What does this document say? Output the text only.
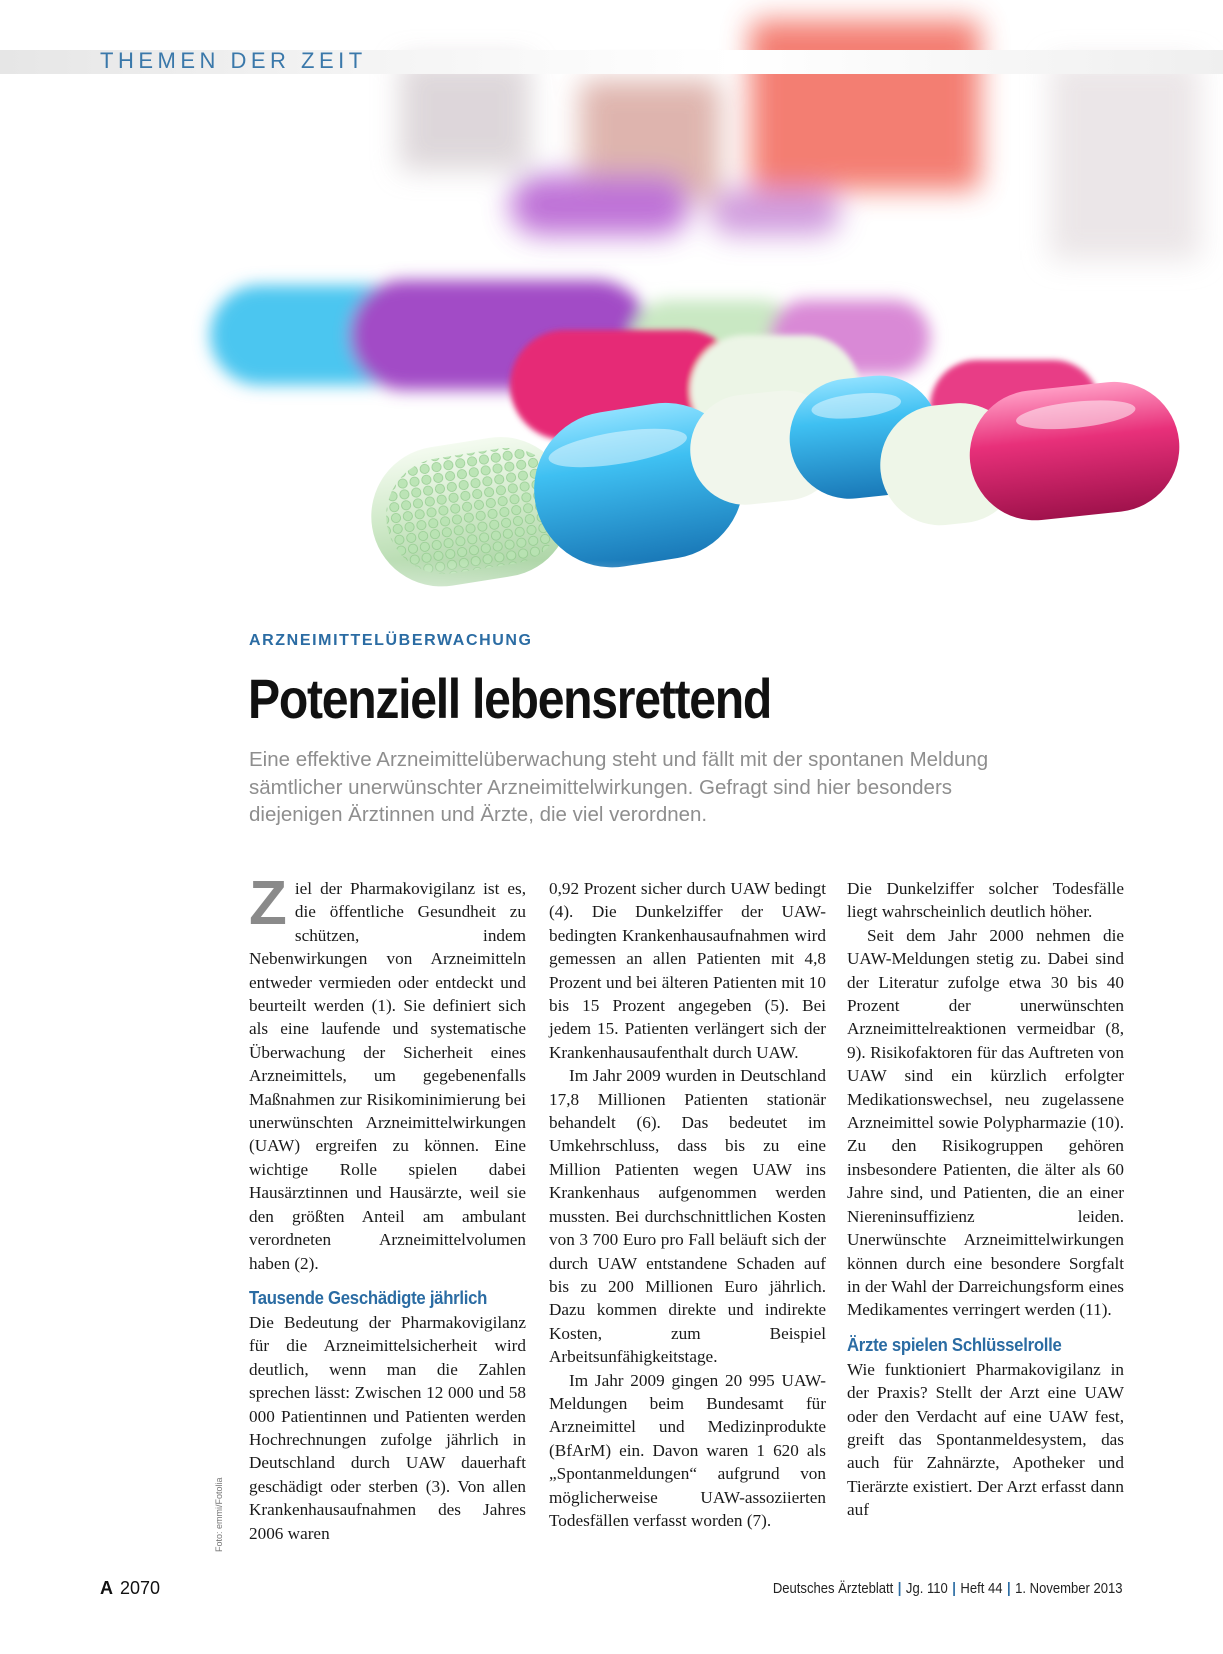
THEMEN DER ZEIT
ARZNEIMITTELÜBERWACHUNG
Potenziell lebensrettend

Eine effektive Arzneimittelüberwachung steht und fällt mit der spontanen Meldung sämtlicher unerwünschter Arzneimittelwirkungen. Gefragt sind hier besonders diejenigen Ärztinnen und Ärzte, die viel verordnen.

Ziel der Pharmakovigilanz ist es, die öffentliche Gesundheit zu schützen, indem Nebenwirkungen von Arzneimitteln entweder vermieden oder entdeckt und beurteilt werden (1). Sie definiert sich als eine laufende und systematische Überwachung der Sicherheit eines Arzneimittels, um gegebenenfalls Maßnahmen zur Risikominimierung bei unerwünschten Arzneimittelwirkungen (UAW) ergreifen zu können. Eine wichtige Rolle spielen dabei Hausärztinnen und Hausärzte, weil sie den größten Anteil am ambulant verordneten Arzneimittelvolumen haben (2).

Tausende Geschädigte jährlich

Die Bedeutung der Pharmakovigilanz für die Arzneimittelsicherheit wird deutlich, wenn man die Zahlen sprechen lässt: Zwischen 12 000 und 58 000 Patientinnen und Patienten werden Hochrechnungen zufolge jährlich in Deutschland durch UAW dauerhaft geschädigt oder sterben (3). Von allen Krankenhausaufnahmen des Jahres 2006 waren

0,92 Prozent sicher durch UAW bedingt (4). Die Dunkelziffer der UAW-bedingten Krankenhausaufnahmen wird gemessen an allen Patienten mit 4,8 Prozent und bei älteren Patienten mit 10 bis 15 Prozent angegeben (5). Bei jedem 15. Patienten verlängert sich der Krankenhausaufenthalt durch UAW.

Im Jahr 2009 wurden in Deutschland 17,8 Millionen Patienten stationär behandelt (6). Das bedeutet im Umkehrschluss, dass bis zu eine Million Patienten wegen UAW ins Krankenhaus aufgenommen werden mussten. Bei durchschnittlichen Kosten von 3 700 Euro pro Fall beläuft sich der durch UAW entstandene Schaden auf bis zu 200 Millionen Euro jährlich. Dazu kommen direkte und indirekte Kosten, zum Beispiel Arbeitsunfähigkeitstage.

Im Jahr 2009 gingen 20 995 UAW-Meldungen beim Bundesamt für Arzneimittel und Medizinprodukte (BfArM) ein. Davon waren 1 620 als „Spontanmeldungen“ aufgrund von möglicherweise UAW-assoziierten Todesfällen verfasst worden (7).

Die Dunkelziffer solcher Todesfälle liegt wahrscheinlich deutlich höher.

Seit dem Jahr 2000 nehmen die UAW-Meldungen stetig zu. Dabei sind der Literatur zufolge etwa 30 bis 40 Prozent der unerwünschten Arzneimittelreaktionen vermeidbar (8, 9). Risikofaktoren für das Auftreten von UAW sind ein kürzlich erfolgter Medikationswechsel, neu zugelassene Arzneimittel sowie Polypharmazie (10). Zu den Risikogruppen gehören insbesondere Patienten, die älter als 60 Jahre sind, und Patienten, die an einer Niereninsuffizienz leiden. Unerwünschte Arzneimittelwirkungen können durch eine besondere Sorgfalt in der Wahl der Darreichungsform eines Medikamentes verringert werden (11).

Ärzte spielen Schlüsselrolle

Wie funktioniert Pharmakovigilanz in der Praxis? Stellt der Arzt eine UAW oder den Verdacht auf eine UAW fest, greift das Spontanmeldesystem, das auch für Zahnärzte, Apotheker und Tierärzte existiert. Der Arzt erfasst dann auf

Foto: emmi/Fotolia
A 2070	Deutsches Ärzteblatt | Jg. 110 | Heft 44 | 1. November 2013
